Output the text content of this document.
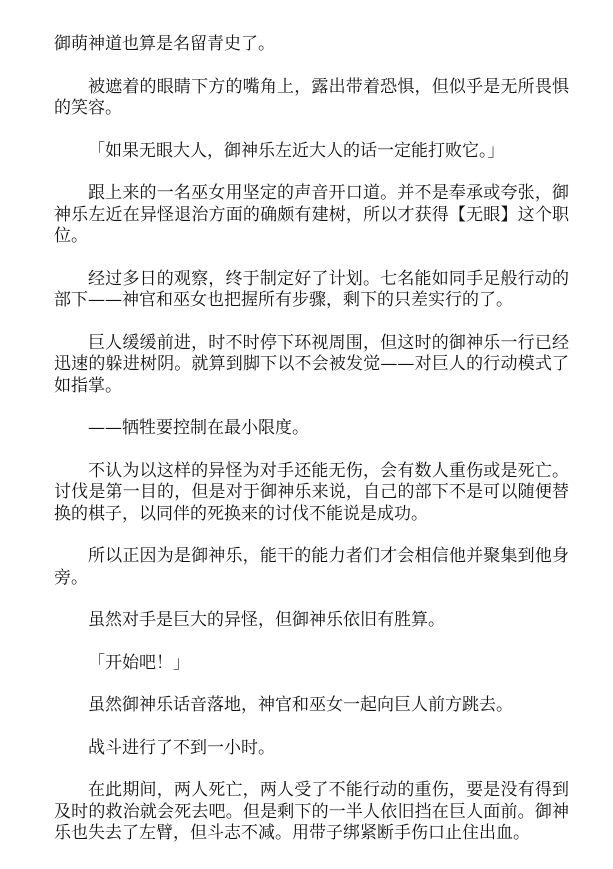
御萌神道也算是名留青史了。

被遮着的眼睛下方的嘴角上，露出带着恐惧，但似乎是无所畏惧的笑容。

「如果无眼大人，御神乐左近大人的话一定能打败它。」

跟上来的一名巫女用坚定的声音开口道。并不是奉承或夸张，御神乐左近在异怪退治方面的确颇有建树，所以才获得【无眼】这个职位。

经过多日的观察，终于制定好了计划。七名能如同手足般行动的部下——神官和巫女也把握所有步骤，剩下的只差实行的了。

巨人缓缓前进，时不时停下环视周围，但这时的御神乐一行已经迅速的躲进树阴。就算到脚下以不会被发觉——对巨人的行动模式了如指掌。

——牺牲要控制在最小限度。

不认为以这样的异怪为对手还能无伤，会有数人重伤或是死亡。讨伐是第一目的，但是对于御神乐来说，自己的部下不是可以随便替换的棋子，以同伴的死换来的讨伐不能说是成功。

所以正因为是御神乐，能干的能力者们才会相信他并聚集到他身旁。

虽然对手是巨大的异怪，但御神乐依旧有胜算。

「开始吧！」

虽然御神乐话音落地，神官和巫女一起向巨人前方跳去。

战斗进行了不到一小时。

在此期间，两人死亡，两人受了不能行动的重伤，要是没有得到及时的救治就会死去吧。但是剩下的一半人依旧挡在巨人面前。御神乐也失去了左臂，但斗志不减。用带子绑紧断手伤口止住出血。
